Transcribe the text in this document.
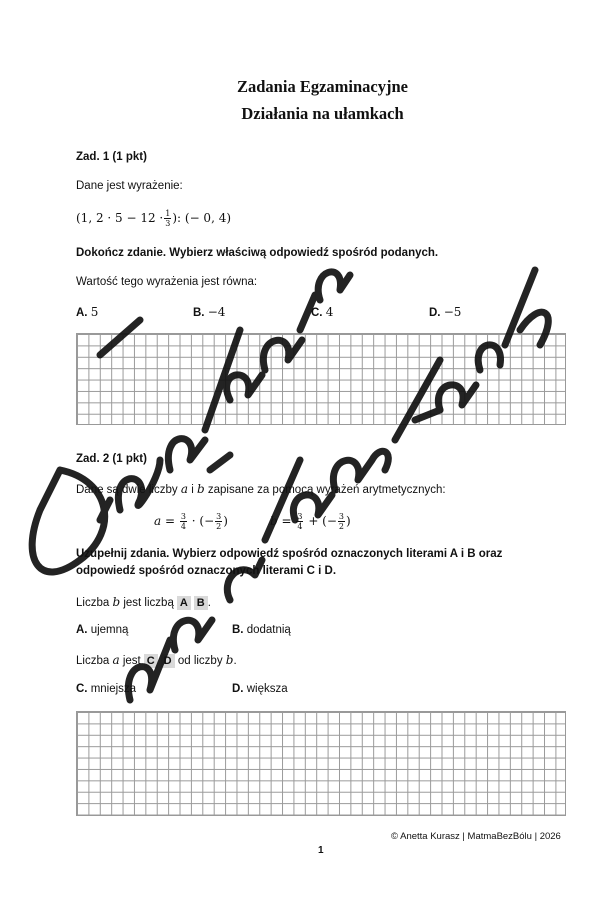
Zadania Egzaminacyjne
Działania na ułamkach
Zad. 1 (1 pkt)
Dane jest wyrażenie:
(1, $2 \cdot 5 - 12 \cdot \frac{1}{3}$ ): (− 0, 4)
Dokończ zdanie. Wybierz właściwą odpowiedź spośród podanych.
Wartość tego wyrażenia jest równa:
A. 5	B. −4	C. 4	D. −5
Zad. 2 (1 pkt)
Dane są dwie liczby a i b zapisane za pomocą wyrażeń arytmetycznych:
$a = \frac{3}{4}$ · (− $\frac{3}{2}$ )	$b = \frac{3}{4}$ + (− $\frac{3}{2}$ )
Uzupełnij zdania. Wybierz odpowiedź spośród oznaczonych literami A i B oraz
odpowiedź spośród oznaczonych literami C i D.
Liczba b jest liczbą A B .
A. ujemną	B. dodatnią
Liczba a jest C D od liczby b.
C. mniejsza	D. większa
© Anetta Kurasz | MatmaBezBólu | 2026
1
